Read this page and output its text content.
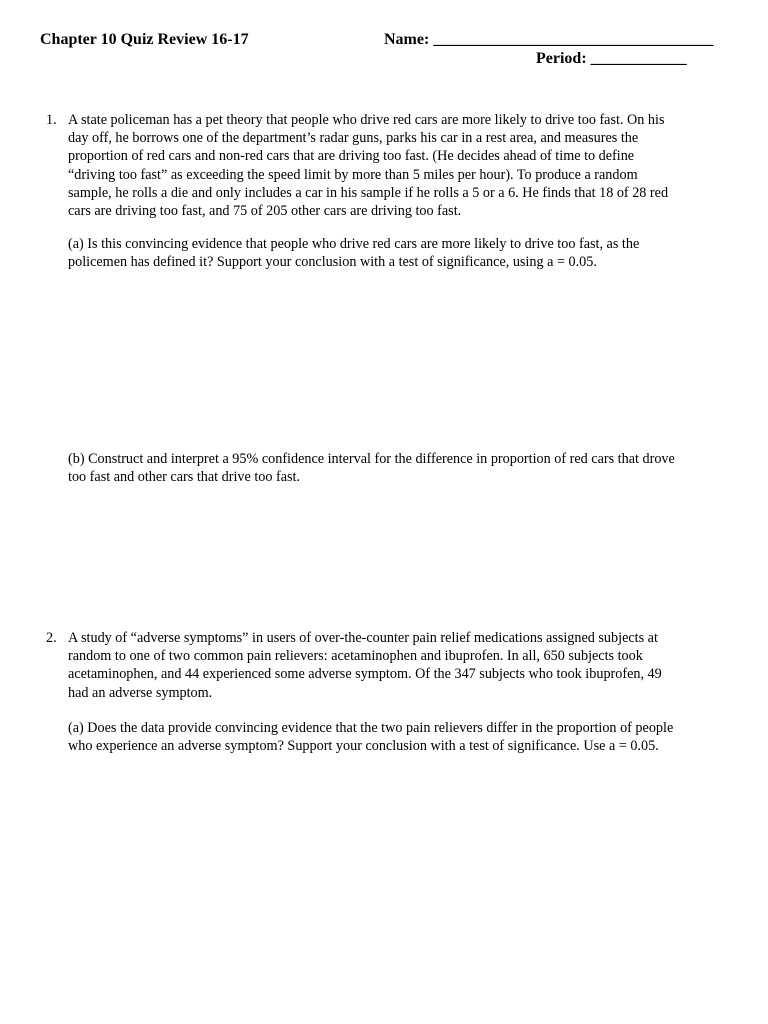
Chapter 10 Quiz Review 16-17	Name: ___________________________________
Period: ____________
1. A state policeman has a pet theory that people who drive red cars are more likely to drive too fast. On his
day off, he borrows one of the department’s radar guns, parks his car in a rest area, and measures the
proportion of red cars and non-red cars that are driving too fast. (He decides ahead of time to define
“driving too fast” as exceeding the speed limit by more than 5 miles per hour). To produce a random
sample, he rolls a die and only includes a car in his sample if he rolls a 5 or a 6. He finds that 18 of 28 red
cars are driving too fast, and 75 of 205 other cars are driving too fast.
(a) Is this convincing evidence that people who drive red cars are more likely to drive too fast, as the
policemen has defined it? Support your conclusion with a test of significance, using a = 0.05.
(b) Construct and interpret a 95% confidence interval for the difference in proportion of red cars that drove
too fast and other cars that drive too fast.
2. A study of “adverse symptoms” in users of over-the-counter pain relief medications assigned subjects at
random to one of two common pain relievers: acetaminophen and ibuprofen. In all, 650 subjects took
acetaminophen, and 44 experienced some adverse symptom. Of the 347 subjects who took ibuprofen, 49
had an adverse symptom.
(a) Does the data provide convincing evidence that the two pain relievers differ in the proportion of people
who experience an adverse symptom? Support your conclusion with a test of significance. Use a = 0.05.
